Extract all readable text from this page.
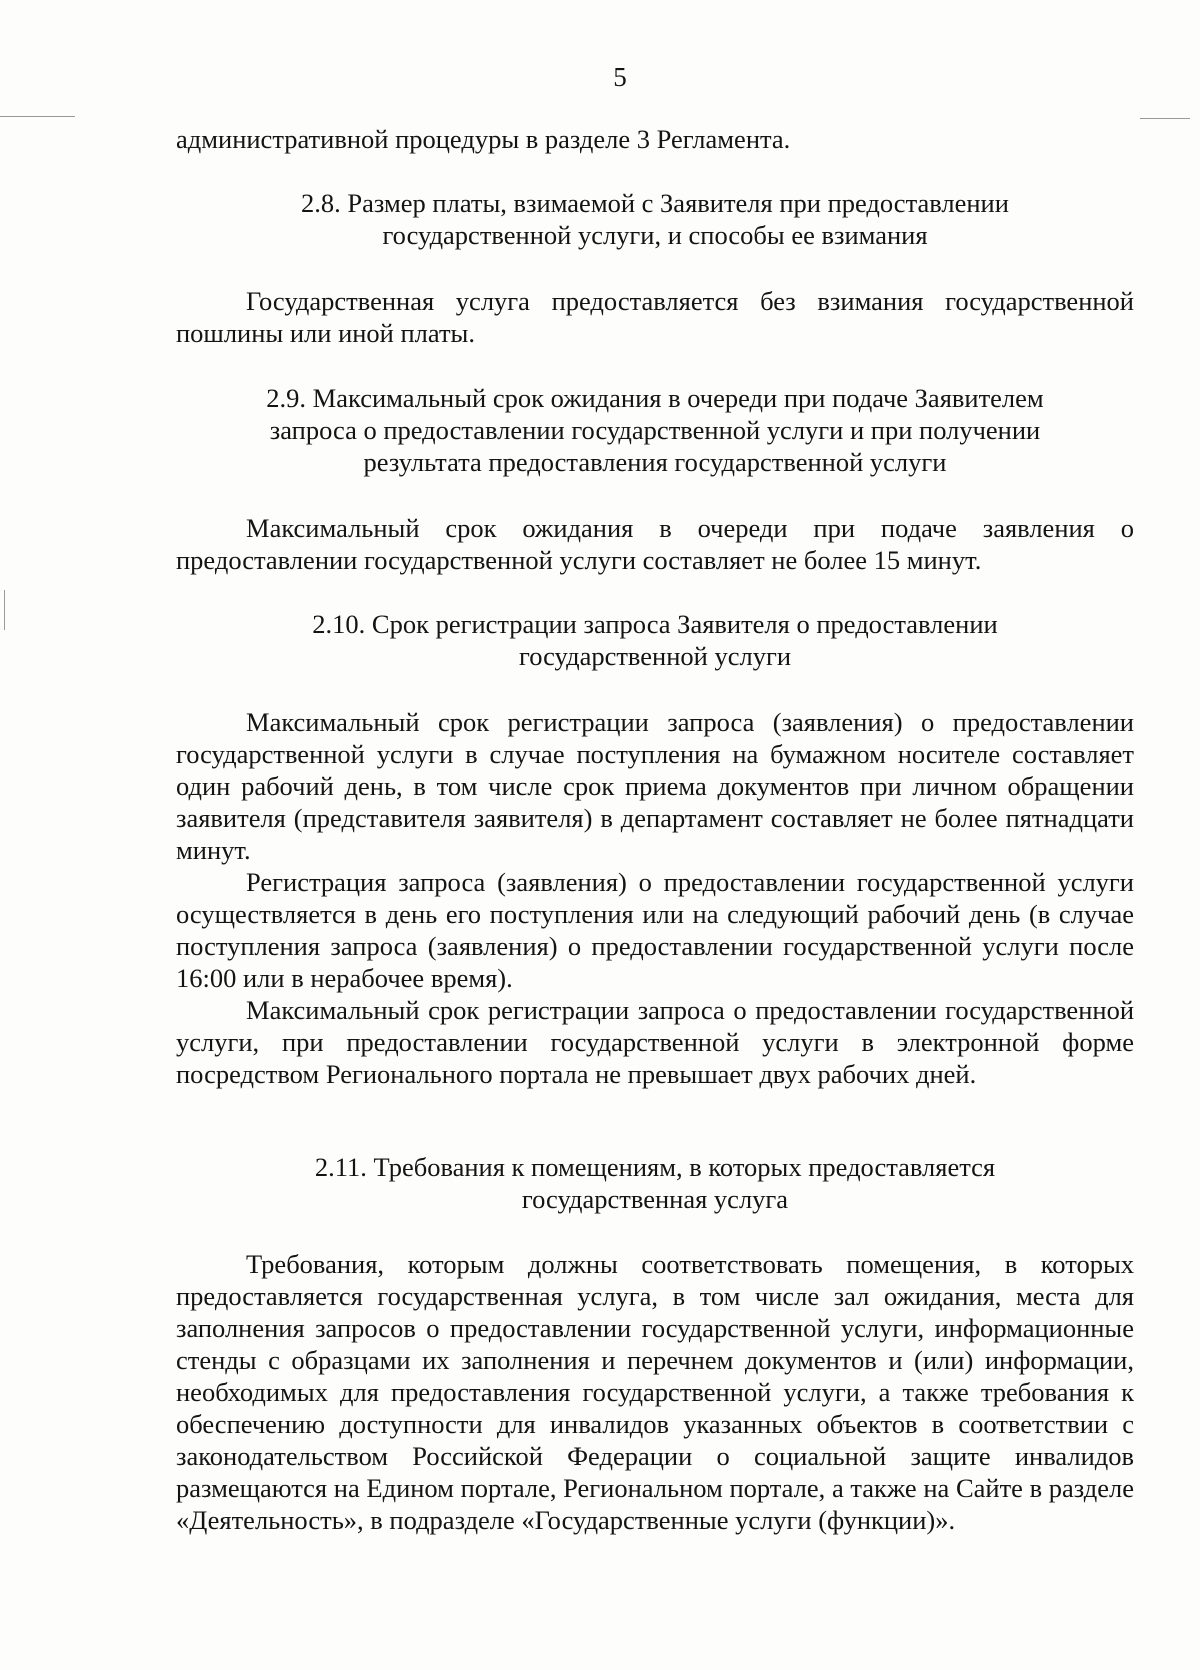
5

административной процедуры в разделе 3 Регламента.

2.8. Размер платы, взимаемой с Заявителя при предоставлении
государственной услуги, и способы ее взимания

Государственная услуга предоставляется без взимания государственной пошлины или иной платы.

2.9. Максимальный срок ожидания в очереди при подаче Заявителем
запроса о предоставлении государственной услуги и при получении
результата предоставления государственной услуги

Максимальный срок ожидания в очереди при подаче заявления о предоставлении государственной услуги составляет не более 15 минут.

2.10. Срок регистрации запроса Заявителя о предоставлении
государственной услуги

Максимальный срок регистрации запроса (заявления) о предоставлении государственной услуги в случае поступления на бумажном носителе составляет один рабочий день, в том числе срок приема документов при личном обращении заявителя (представителя заявителя) в департамент составляет не более пятнадцати минут.

Регистрация запроса (заявления) о предоставлении государственной услуги осуществляется в день его поступления или на следующий рабочий день (в случае поступления запроса (заявления) о предоставлении государственной услуги после 16:00 или в нерабочее время).

Максимальный срок регистрации запроса о предоставлении государственной услуги, при предоставлении государственной услуги в электронной форме посредством Регионального портала не превышает двух рабочих дней.

2.11. Требования к помещениям, в которых предоставляется
государственная услуга

Требования, которым должны соответствовать помещения, в которых предоставляется государственная услуга, в том числе зал ожидания, места для заполнения запросов о предоставлении государственной услуги, информационные стенды с образцами их заполнения и перечнем документов и (или) информации, необходимых для предоставления государственной услуги, а также требования к обеспечению доступности для инвалидов указанных объектов в соответствии с законодательством Российской Федерации о социальной защите инвалидов размещаются на Едином портале, Региональном портале, а также на Сайте в разделе «Деятельность», в подразделе «Государственные услуги (функции)».
